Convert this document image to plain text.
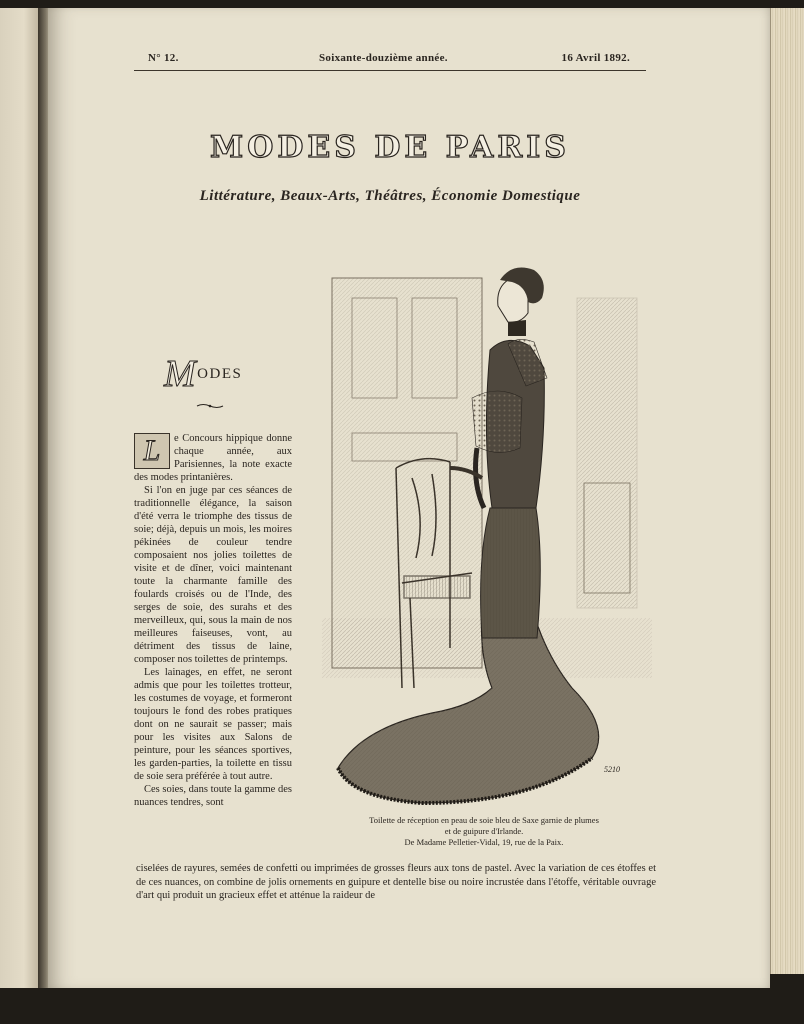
N° 12.	Soixante-douzième année.	16 Avril 1892.
MODES DE PARIS
Littérature, Beaux-Arts, Théâtres, Économie Domestique
MODES

L	e Concours hippique donne chaque année, aux Parisiennes, la note exacte des modes printanières.

Si l'on en juge par ces séances de traditionnelle élégance, la saison d'été verra le triomphe des tissus de soie; déjà, depuis un mois, les moires pékinées de couleur tendre composaient nos jolies toilettes de visite et de dîner, voici maintenant toute la charmante famille des foulards croisés ou de l'Inde, des serges de soie, des surahs et des merveilleux, qui, sous la main de nos meilleures faiseuses, vont, au détriment des tissus de laine, composer nos toilettes de printemps.

Les lainages, en effet, ne seront admis que pour les toilettes trotteur, les costumes de voyage, et formeront toujours le fond des robes pratiques dont on ne saurait se passer; mais pour les visites aux Salons de peinture, pour les séances sportives, les garden-parties, la toilette en tissu de soie sera préférée à tout autre.

Ces soies, dans toute la gamme des nuances tendres, sont

ciselées de rayures, semées de confetti ou imprimées de grosses fleurs aux tons de pastel. Avec la variation de ces étoffes et de ces nuances, on combine de jolis ornements en guipure et dentelle bise ou noire incrustée dans l'étoffe, véritable ouvrage d'art qui produit un gracieux effet et atténue la raideur de

5210
Toilette de réception en peau de soie bleu de Saxe garnie de plumes
et de guipure d'Irlande.
De Madame Pelletier-Vidal, 19, rue de la Paix.
